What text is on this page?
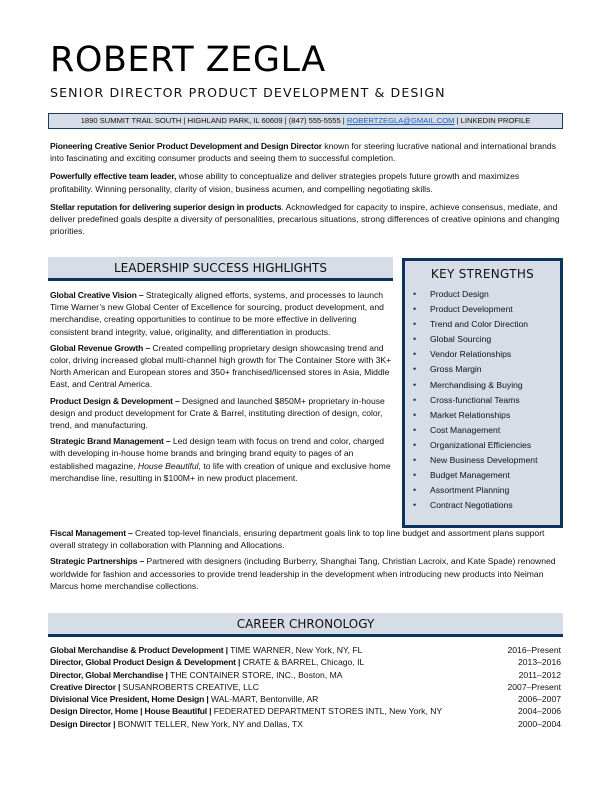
ROBERT ZEGLA
SENIOR DIRECTOR PRODUCT DEVELOPMENT & DESIGN
1890 SUMMIT TRAIL SOUTH | HIGHLAND PARK, IL 60609 | (847) 555-5555 | ROBERTZEGLA@GMAIL.COM | LINKEDIN PROFILE

Pioneering Creative Senior Product Development and Design Director known for steering lucrative national and international brands into fascinating and exciting consumer products and seeing them to successful completion.

Powerfully effective team leader, whose ability to conceptualize and deliver strategies propels future growth and maximizes profitability. Winning personality, clarity of vision, business acumen, and compelling negotiating skills.

Stellar reputation for delivering superior design in products. Acknowledged for capacity to inspire, achieve consensus, mediate, and deliver predefined goals despite a diversity of personalities, precarious situations, strong differences of creative opinions and changing priorities.

LEADERSHIP SUCCESS HIGHLIGHTS

Global Creative Vision – Strategically aligned efforts, systems, and processes to launch Time Warner’s new Global Center of Excellence for sourcing, product development, and merchandise, creating opportunities to continue to be more effective in delivering consistent brand integrity, value, originality, and differentiation in products.

Global Revenue Growth – Created compelling proprietary design showcasing trend and color, driving increased global multi-channel high growth for The Container Store with 3K+ North American and European stores and 350+ franchised/licensed stores in Asia, Middle East, and Central America.

Product Design & Development – Designed and launched $850M+ proprietary in-house design and product development for Crate & Barrel, instituting direction of design, color, trend, and manufacturing.

Strategic Brand Management – Led design team with focus on trend and color, charged with developing in-house home brands and bringing brand equity to pages of an established magazine, House Beautiful, to life with creation of unique and exclusive home merchandise line, resulting in $100M+ in new product placement.

Fiscal Management – Created top-level financials, ensuring department goals link to top line budget and assortment plans support overall strategy in collaboration with Planning and Allocations.

Strategic Partnerships – Partnered with designers (including Burberry, Shanghai Tang, Christian Lacroix, and Kate Spade) renowned worldwide for fashion and accessories to provide trend leadership in the development when introducing new products into Neiman Marcus home merchandise collections.

KEY STRENGTHS
• Product Design
• Product Development
• Trend and Color Direction
• Global Sourcing
• Vendor Relationships
• Gross Margin
• Merchandising & Buying
• Cross-functional Teams
• Market Relationships
• Cost Management
• Organizational Efficiencies
• New Business Development
• Budget Management
• Assortment Planning
• Contract Negotiations
CAREER CHRONOLOGY
Global Merchandise & Product Development | TIME WARNER, New York, NY, FL	2016–Present
Director, Global Product Design & Development | CRATE & BARREL, Chicago, IL	2013–2016
Director, Global Merchandise | THE CONTAINER STORE, INC., Boston, MA	2011–2012
Creative Director | SUSANROBERTS CREATIVE, LLC	2007–Present
Divisional Vice President, Home Design | WAL-MART, Bentonville, AR	2006–2007
Design Director, Home | House Beautiful | FEDERATED DEPARTMENT STORES INTL, New York, NY	2004–2006
Design Director | BONWIT TELLER, New York, NY and Dallas, TX	2000–2004
